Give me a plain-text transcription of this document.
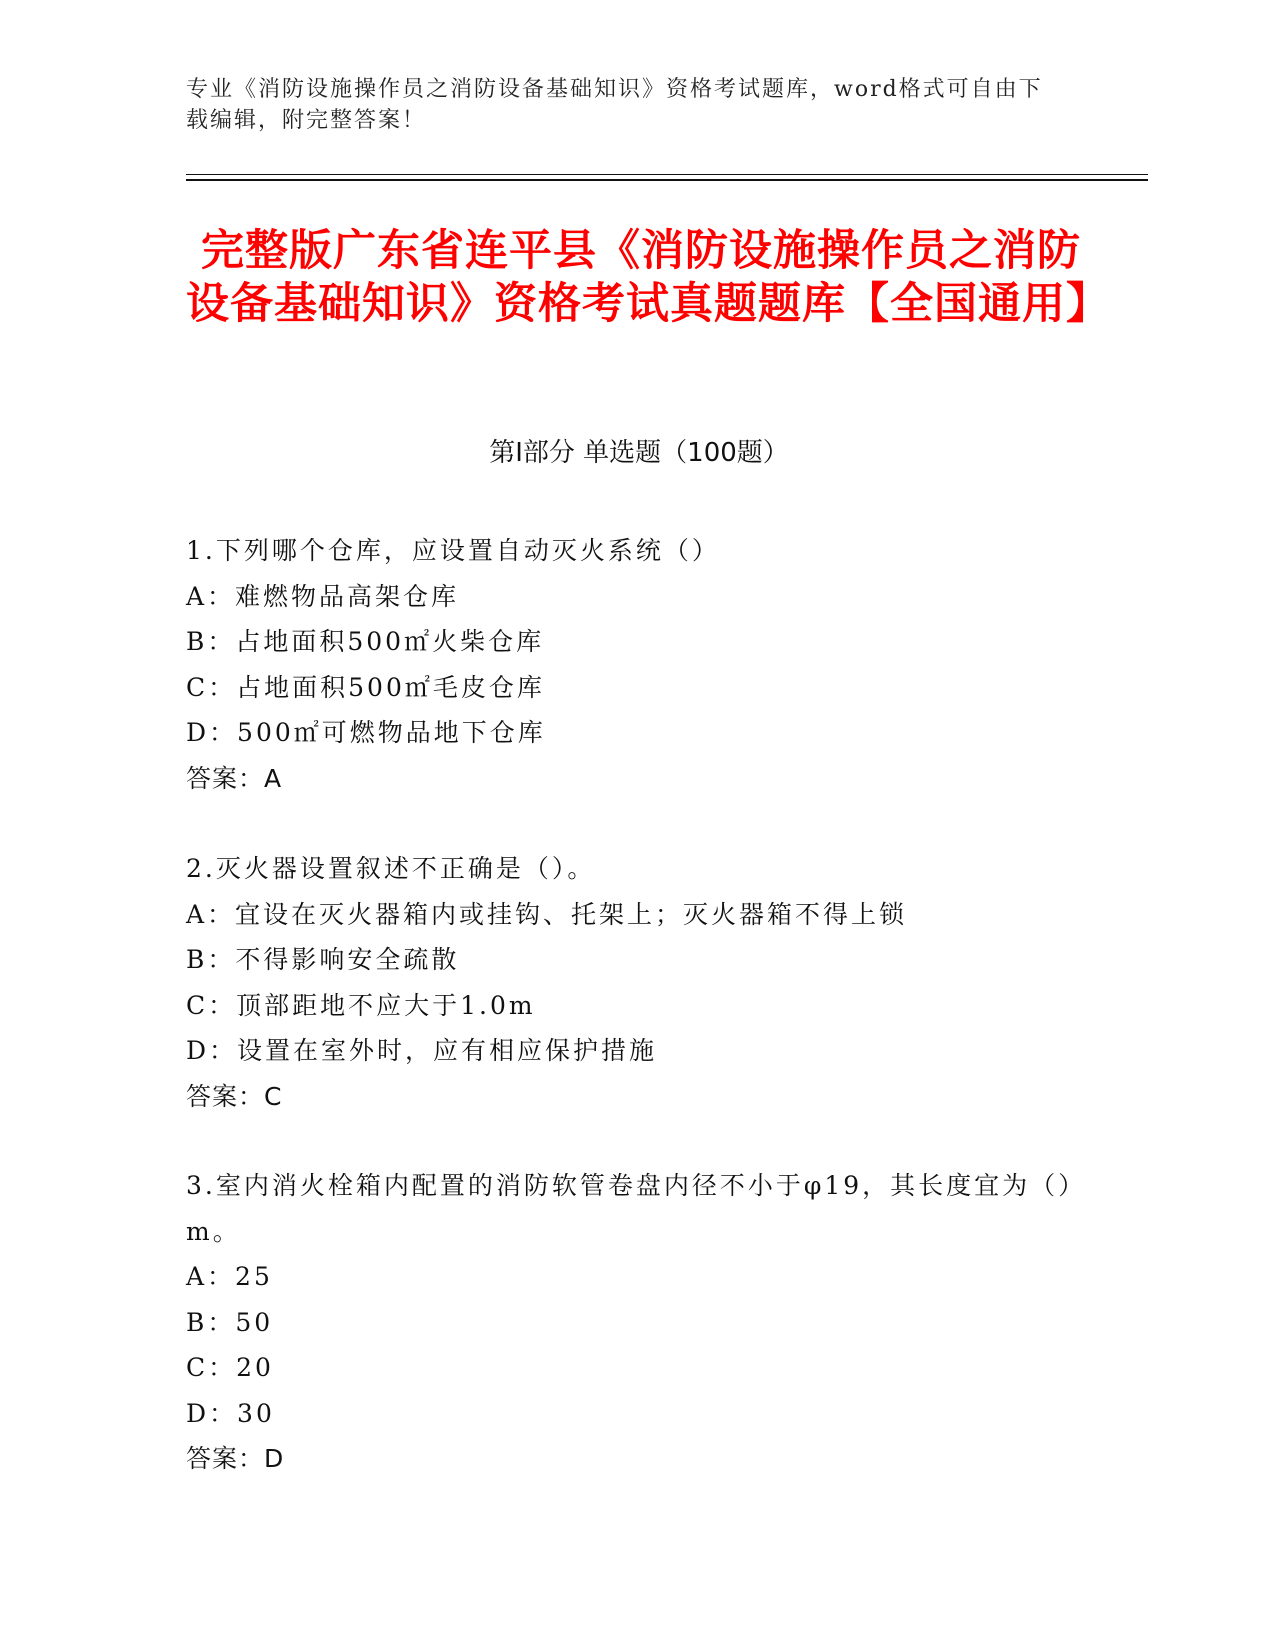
专业《消防设施操作员之消防设备基础知识》资格考试题库，word格式可自由下载编辑，附完整答案！
完整版广东省连平县《消防设施操作员之消防设备基础知识》资格考试真题题库【全国通用】
第I部分 单选题（100题）
1.下列哪个仓库，应设置自动灭火系统（）
A：难燃物品高架仓库
B：占地面积500㎡火柴仓库
C：占地面积500㎡毛皮仓库
D：500㎡可燃物品地下仓库
答案：A
2.灭火器设置叙述不正确是（）。
A：宜设在灭火器箱内或挂钩、托架上；灭火器箱不得上锁
B：不得影响安全疏散
C：顶部距地不应大于1.0m
D：设置在室外时，应有相应保护措施
答案：C
3.室内消火栓箱内配置的消防软管卷盘内径不小于φ19，其长度宜为（）m。
A：25
B：50
C：20
D：30
答案：D
